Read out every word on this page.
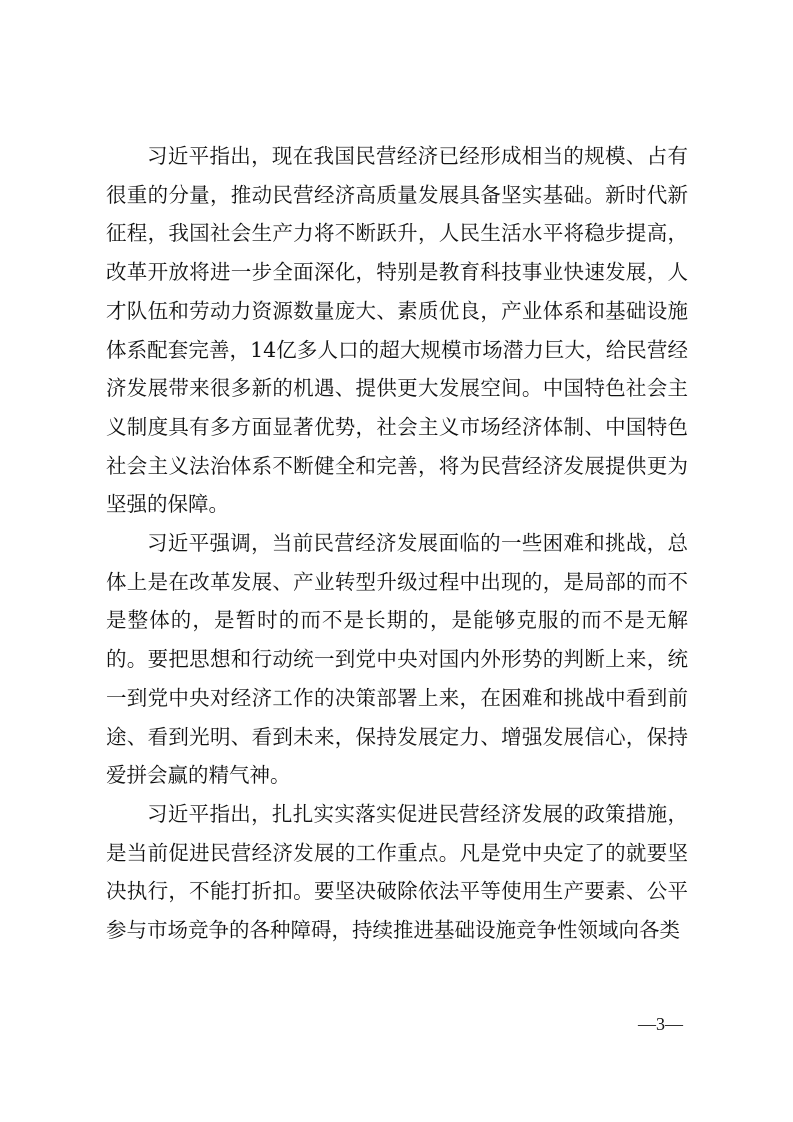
习近平指出，现在我国民营经济已经形成相当的规模、占有很重的分量，推动民营经济高质量发展具备坚实基础。新时代新征程，我国社会生产力将不断跃升，人民生活水平将稳步提高，改革开放将进一步全面深化，特别是教育科技事业快速发展，人才队伍和劳动力资源数量庞大、素质优良，产业体系和基础设施体系配套完善，14亿多人口的超大规模市场潜力巨大，给民营经济发展带来很多新的机遇、提供更大发展空间。中国特色社会主义制度具有多方面显著优势，社会主义市场经济体制、中国特色社会主义法治体系不断健全和完善，将为民营经济发展提供更为坚强的保障。

习近平强调，当前民营经济发展面临的一些困难和挑战，总体上是在改革发展、产业转型升级过程中出现的，是局部的而不是整体的，是暂时的而不是长期的，是能够克服的而不是无解的。要把思想和行动统一到党中央对国内外形势的判断上来，统一到党中央对经济工作的决策部署上来，在困难和挑战中看到前途、看到光明、看到未来，保持发展定力、增强发展信心，保持爱拼会赢的精气神。

习近平指出，扎扎实实落实促进民营经济发展的政策措施，是当前促进民营经济发展的工作重点。凡是党中央定了的就要坚决执行，不能打折扣。要坚决破除依法平等使用生产要素、公平参与市场竞争的各种障碍，持续推进基础设施竞争性领域向各类

—3—
